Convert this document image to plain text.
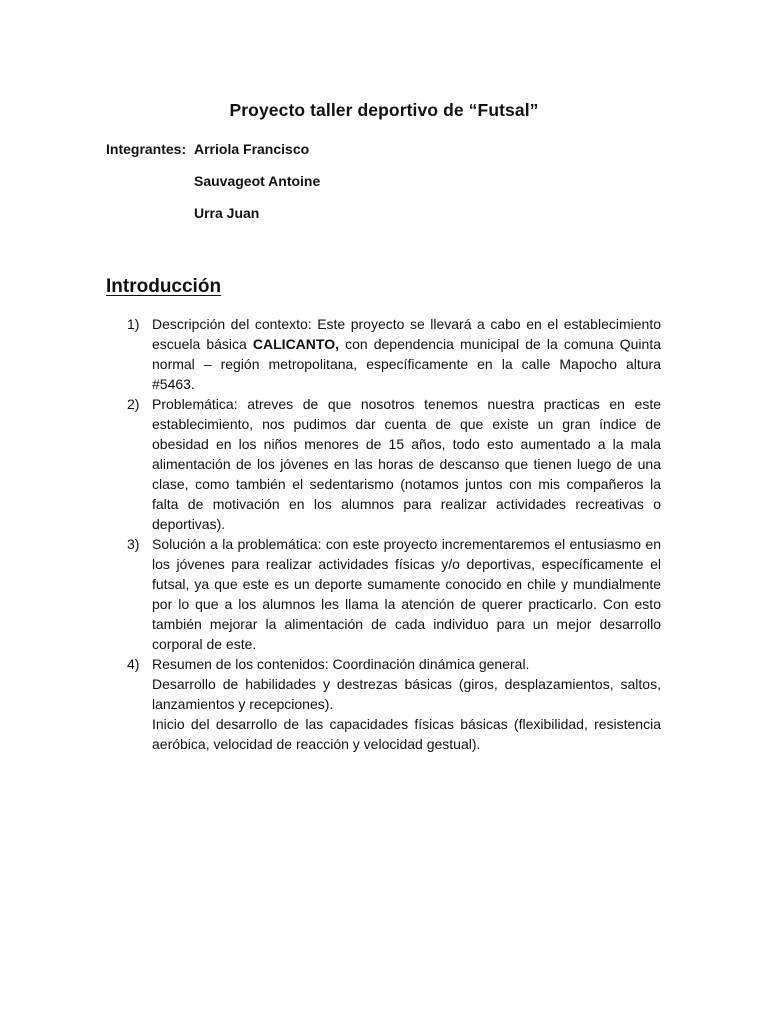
Proyecto taller deportivo de “Futsal”
Integrantes: Arriola Francisco
Sauvageot Antoine
Urra Juan
Introducción
1) Descripción del contexto: Este proyecto se llevará a cabo en el establecimiento escuela básica CALICANTO, con dependencia municipal de la comuna Quinta normal – región metropolitana, específicamente en la calle Mapocho altura #5463.
2) Problemática: atreves de que nosotros tenemos nuestra practicas en este establecimiento, nos pudimos dar cuenta de que existe un gran índice de obesidad en los niños menores de 15 años, todo esto aumentado a la mala alimentación de los jóvenes en las horas de descanso que tienen luego de una clase, como también el sedentarismo (notamos juntos con mis compañeros la falta de motivación en los alumnos para realizar actividades recreativas o deportivas).
3) Solución a la problemática: con este proyecto incrementaremos el entusiasmo en los jóvenes para realizar actividades físicas y/o deportivas, específicamente el futsal, ya que este es un deporte sumamente conocido en chile y mundialmente por lo que a los alumnos les llama la atención de querer practicarlo. Con esto también mejorar la alimentación de cada individuo para un mejor desarrollo corporal de este.
4) Resumen de los contenidos: Coordinación dinámica general.
Desarrollo de habilidades y destrezas básicas (giros, desplazamientos, saltos, lanzamientos y recepciones).
Inicio del desarrollo de las capacidades físicas básicas (flexibilidad, resistencia aeróbica, velocidad de reacción y velocidad gestual).
